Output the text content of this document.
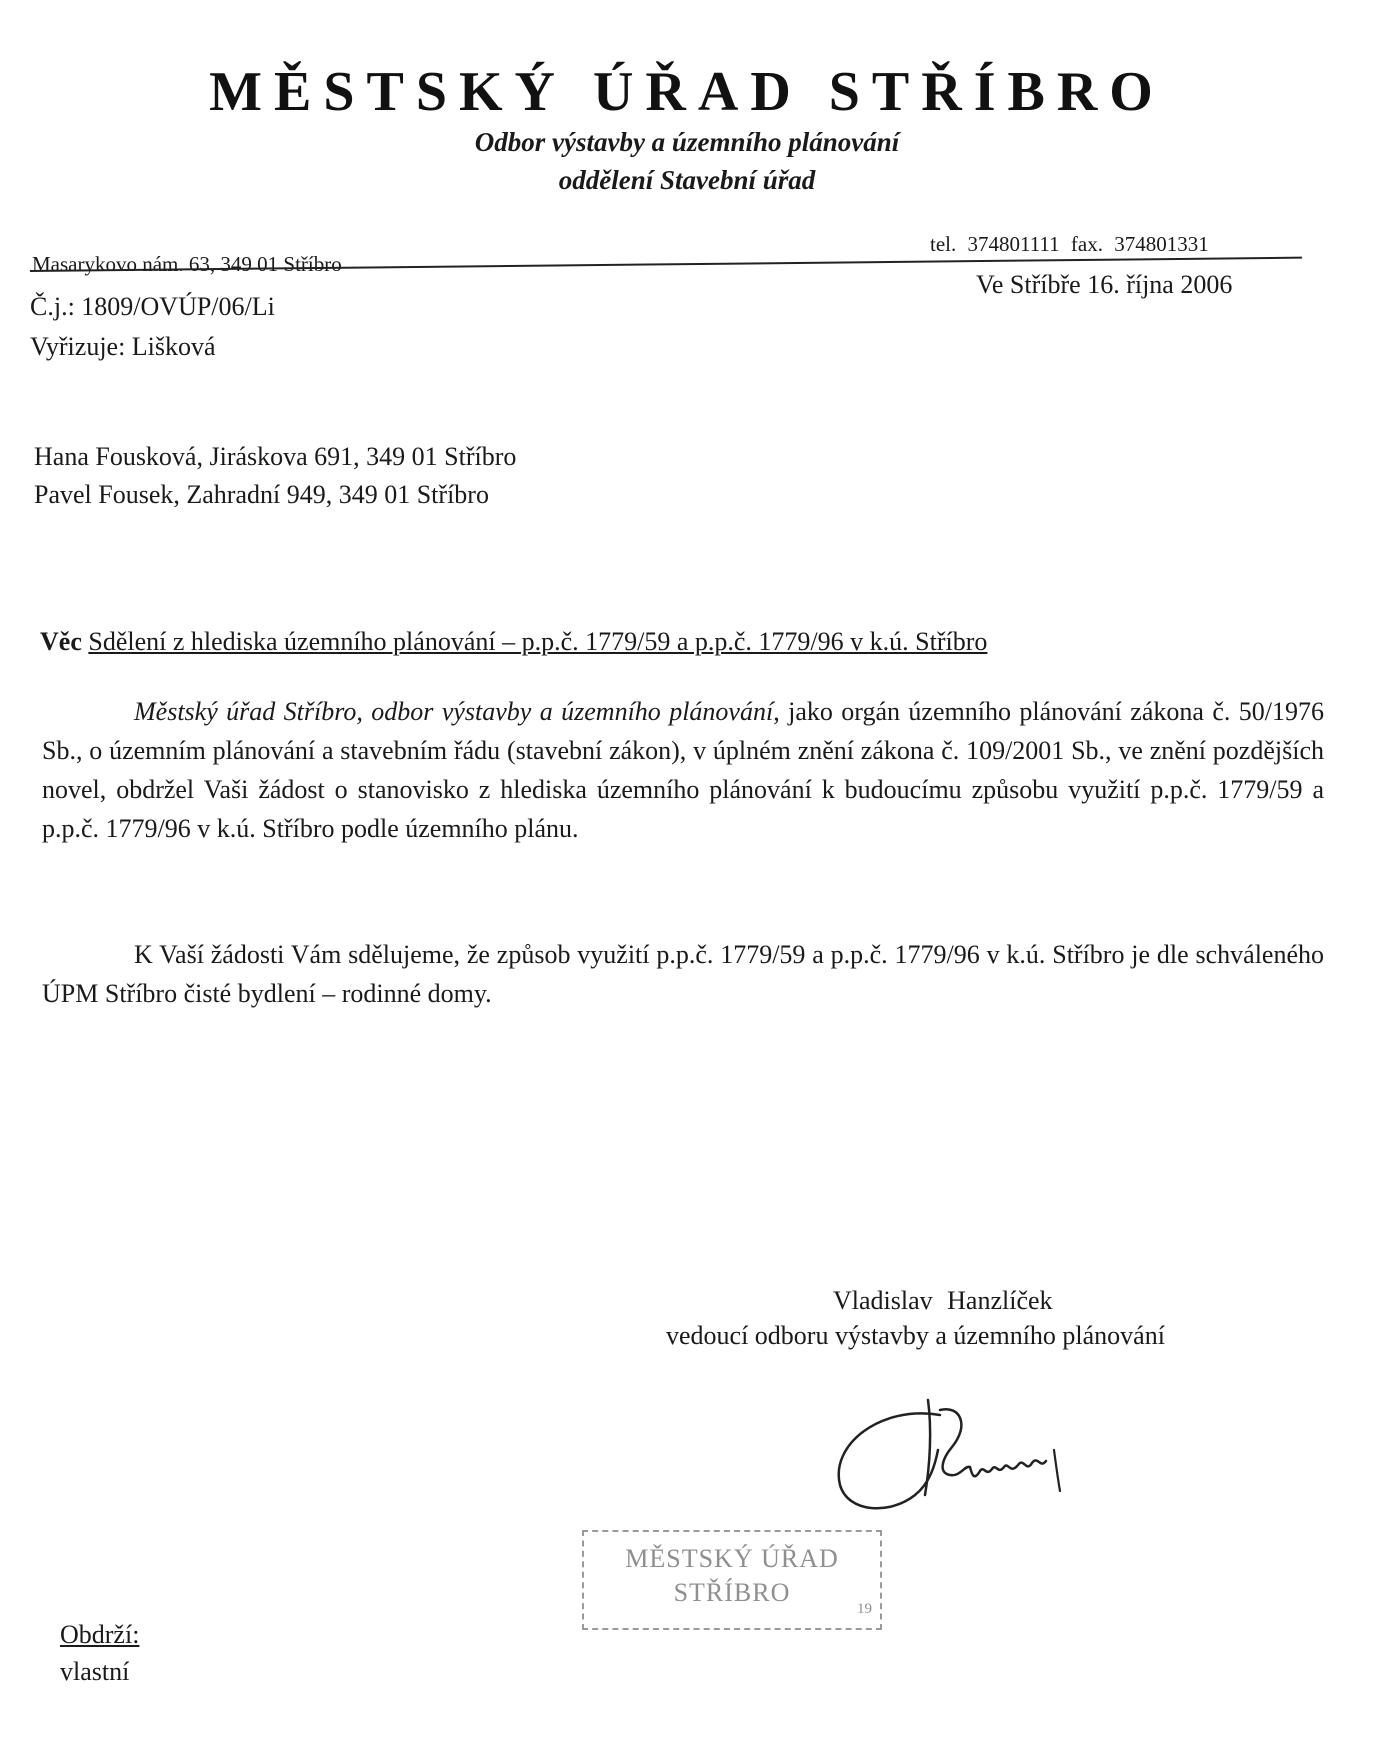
MĚSTSKÝ ÚŘAD STŘÍBRO
Odbor výstavby a územního plánování
oddělení Stavební úřad
Masarykovo nám. 63, 349 01 Stříbro
tel. 374801111 fax. 374801331
Č.j.: 1809/OVÚP/06/Li
Vyřizuje: Lišková
Ve Stříbře 16. října 2006
Hana Fousková, Jiráskova 691, 349 01 Stříbro
Pavel Fousek, Zahradní 949, 349 01 Stříbro
Věc Sdělení z hlediska územního plánování – p.p.č. 1779/59 a p.p.č. 1779/96 v k.ú. Stříbro
Městský úřad Stříbro, odbor výstavby a územního plánování, jako orgán územního plánování zákona č. 50/1976 Sb., o územním plánování a stavebním řádu (stavební zákon), v úplném znění zákona č. 109/2001 Sb., ve znění pozdějších novel, obdržel Vaši žádost o stanovisko z hlediska územního plánování k budoucímu způsobu využití p.p.č. 1779/59 a p.p.č. 1779/96 v k.ú. Stříbro podle územního plánu.
K Vaší žádosti Vám sdělujeme, že způsob využití p.p.č. 1779/59 a p.p.č. 1779/96 v k.ú. Stříbro je dle schváleného ÚPM Stříbro čisté bydlení – rodinné domy.
Vladislav Hanzlíček
vedoucí odboru výstavby a územního plánování
MĚSTSKÝ ÚŘAD
STŘÍBRO
19
Obdrží:
vlastní
